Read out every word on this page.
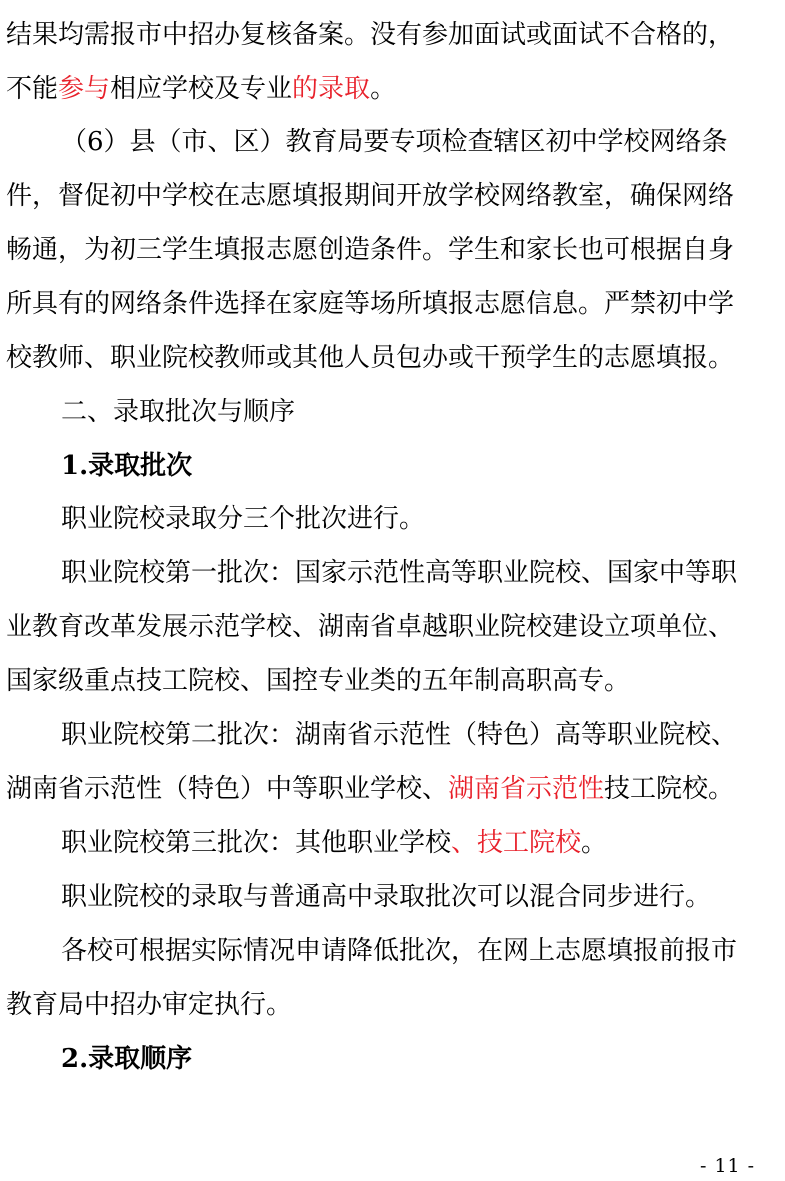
结果均需报市中招办复核备案。没有参加面试或面试不合格的，
不能参与相应学校及专业的录取。
（6）县（市、区）教育局要专项检查辖区初中学校网络条
件，督促初中学校在志愿填报期间开放学校网络教室，确保网络
畅通，为初三学生填报志愿创造条件。学生和家长也可根据自身
所具有的网络条件选择在家庭等场所填报志愿信息。严禁初中学
校教师、职业院校教师或其他人员包办或干预学生的志愿填报。
二、录取批次与顺序
1.录取批次
职业院校录取分三个批次进行。
职业院校第一批次：国家示范性高等职业院校、国家中等职
业教育改革发展示范学校、湖南省卓越职业院校建设立项单位、
国家级重点技工院校、国控专业类的五年制高职高专。
职业院校第二批次：湖南省示范性（特色）高等职业院校、
湖南省示范性（特色）中等职业学校、湖南省示范性技工院校。
职业院校第三批次：其他职业学校、技工院校。
职业院校的录取与普通高中录取批次可以混合同步进行。
各校可根据实际情况申请降低批次，在网上志愿填报前报市
教育局中招办审定执行。
2.录取顺序
- 11 -
